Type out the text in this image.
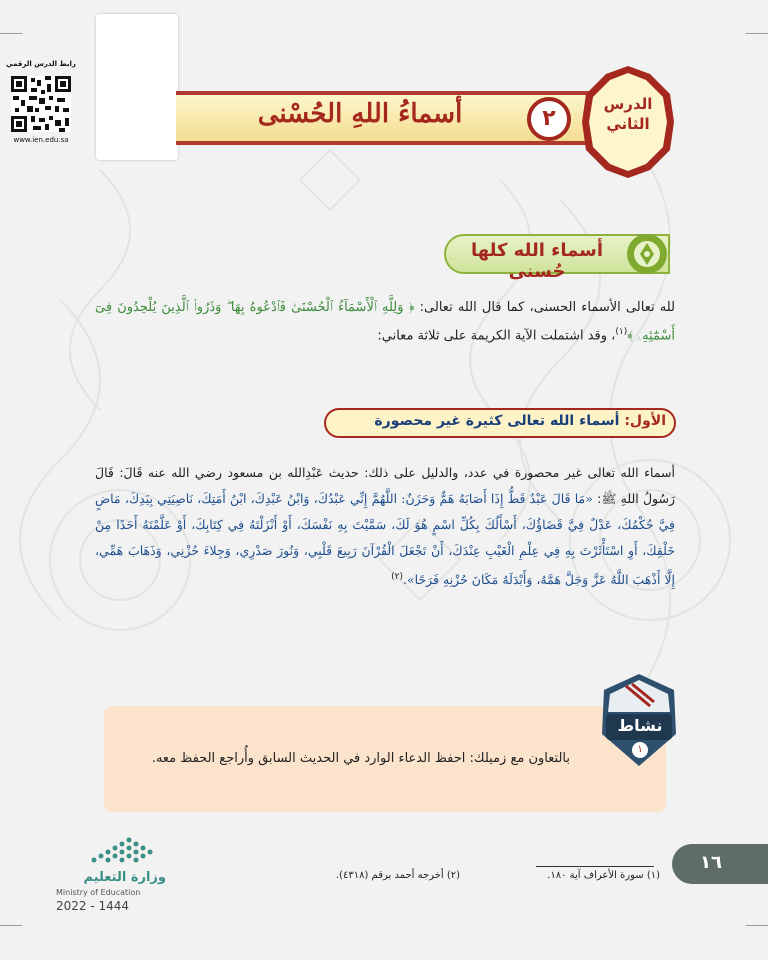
رابط الدرس الرقمي
www.ien.edu.sa
أسماءُ اللهِ الحُسْنى	٢
الدرس
الثاني
أسماء الله كلها حُسنى
لله تعالى الأسماء الحسنى، كما قال الله تعالى: ﴿ وَلِلَّهِ ٱلْأَسْمَآءُ ٱلْحُسْنَىٰ فَٱدْعُوهُ بِهَا ۖ وَذَرُوا۟ ٱلَّذِينَ يُلْحِدُونَ فِىٓ أَسْمَٰٓئِهِۦ ﴾$^{(١)}$، وقد اشتملت الآية الكريمة على ثلاثة معاني:
الأول: أسماء الله تعالى كثيرة غير محصورة
أسماء الله تعالى غير محصورة في عدد، والدليل على ذلك: حديث عَبْدِالله بن مسعود رضي الله عنه قَالَ: قَالَ رَسُولُ اللهِ ﷺ: «مَا قَالَ عَبْدٌ قَطُّ إِذَا أَصَابَهُ هَمٌّ وَحَزَنٌ: اللَّهُمَّ إِنِّي عَبْدُكَ، وَابْنُ عَبْدِكَ، ابْنُ أَمَتِكَ، نَاصِيَتِي بِيَدِكَ، مَاضٍ فِيَّ حُكْمُكَ، عَدْلٌ فِيَّ قَضَاؤُكَ، أَسْأَلُكَ بِكُلِّ اسْمٍ هُوَ لَكَ، سَمَّيْتَ بِهِ نَفْسَكَ، أَوْ أَنْزَلْتَهُ فِي كِتَابِكَ، أَوْ عَلَّمْتَهُ أَحَدًا مِنْ خَلْقِكَ، أَوِ اسْتَأْثَرْتَ بِهِ فِي عِلْمِ الْغَيْبِ عِنْدَكَ، أَنْ تَجْعَلَ الْقُرْآنَ رَبِيعَ قَلْبِي، وَنُورَ صَدْرِي، وَجِلاءَ حُزْنِي، وَذَهَابَ هَمِّي، إِلَّا أَذْهَبَ اللَّهُ عَزَّ وَجَلَّ هَمَّهُ، وَأَبْدَلَهُ مَكَانَ حُزْنِهِ فَرَحًا».$^{(٢)}$
نشاط
١
بالتعاون مع زميلك: احفظ الدعاء الوارد في الحديث السابق وأُراجع الحفظ معه.
(١) سورة الأعراف آية ١٨٠.
(٢) أخرجه أحمد برقم (٤٣١٨).
١٦
وزارة التعليم
Ministry of Education
2022 - 1444
